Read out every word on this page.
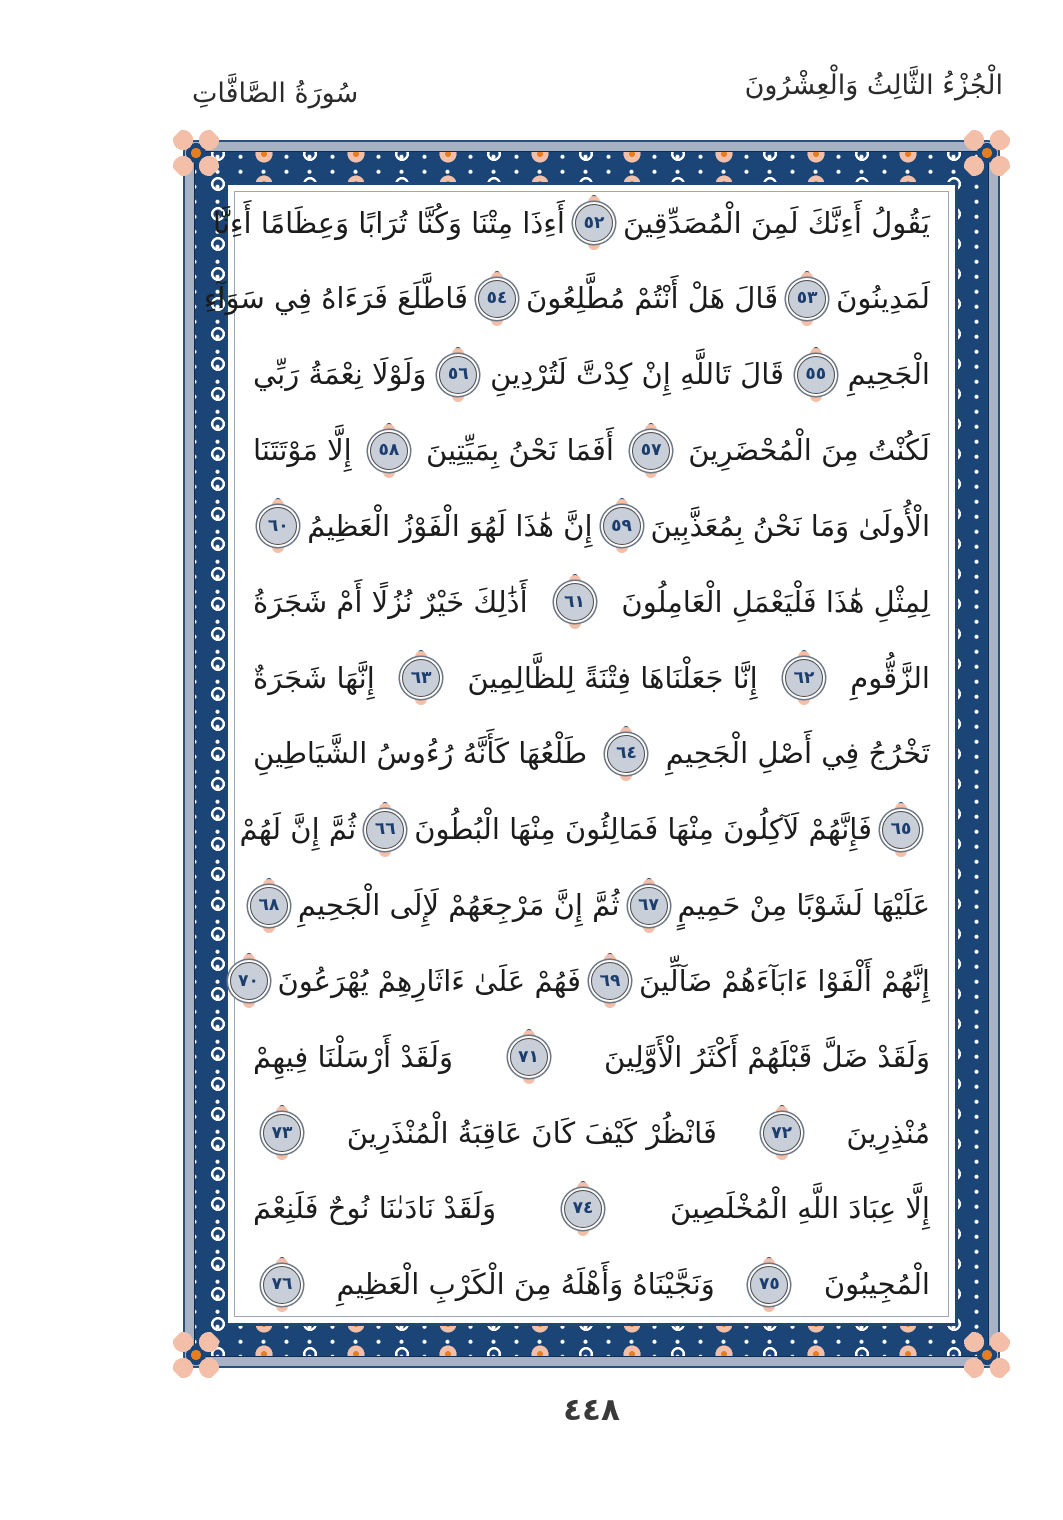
الْجُزْءُ الثَّالِثُ وَالْعِشْرُونَ
سُورَةُ الصَّافَّاتِ
يَقُولُ أَءِنَّكَ لَمِنَ الْمُصَدِّقِينَ
٥٢
أَءِذَا مِتْنَا وَكُنَّا تُرَابًا وَعِظَامًا أَءِنَّا
لَمَدِينُونَ
٥٣
قَالَ هَلْ أَنْتُمْ مُطَّلِعُونَ
٥٤
فَاطَّلَعَ فَرَءَاهُ فِي سَوَآءِ
الْجَحِيمِ
٥٥
قَالَ تَاللَّهِ إِنْ كِدْتَّ لَتُرْدِينِ
٥٦
وَلَوْلَا نِعْمَةُ رَبِّي
لَكُنْتُ مِنَ الْمُحْضَرِينَ
٥٧
أَفَمَا نَحْنُ بِمَيِّتِينَ
٥٨
إِلَّا مَوْتَتَنَا
الْأُولَىٰ وَمَا نَحْنُ بِمُعَذَّبِينَ
٥٩
إِنَّ هَٰذَا لَهُوَ الْفَوْزُ الْعَظِيمُ
٦٠
لِمِثْلِ هَٰذَا فَلْيَعْمَلِ الْعَامِلُونَ
٦١
أَذَٰلِكَ خَيْرٌ نُزُلًا أَمْ شَجَرَةُ
الزَّقُّومِ
٦٢
إِنَّا جَعَلْنَاهَا فِتْنَةً لِلظَّالِمِينَ
٦٣
إِنَّهَا شَجَرَةٌ
تَخْرُجُ فِي أَصْلِ الْجَحِيمِ
٦٤
طَلْعُهَا كَأَنَّهُ رُءُوسُ الشَّيَاطِينِ
٦٥
فَإِنَّهُمْ لَآكِلُونَ مِنْهَا فَمَالِئُونَ مِنْهَا الْبُطُونَ
٦٦
ثُمَّ إِنَّ لَهُمْ
عَلَيْهَا لَشَوْبًا مِنْ حَمِيمٍ
٦٧
ثُمَّ إِنَّ مَرْجِعَهُمْ لَإِلَى الْجَحِيمِ
٦٨
إِنَّهُمْ أَلْفَوْا ءَابَآءَهُمْ ضَآلِّينَ
٦٩
فَهُمْ عَلَىٰ ءَاثَارِهِمْ يُهْرَعُونَ
٧٠
وَلَقَدْ ضَلَّ قَبْلَهُمْ أَكْثَرُ الْأَوَّلِينَ
٧١
وَلَقَدْ أَرْسَلْنَا فِيهِمْ
مُنْذِرِينَ
٧٢
فَانْظُرْ كَيْفَ كَانَ عَاقِبَةُ الْمُنْذَرِينَ
٧٣
إِلَّا عِبَادَ اللَّهِ الْمُخْلَصِينَ
٧٤
وَلَقَدْ نَادَىٰنَا نُوحٌ فَلَنِعْمَ
الْمُجِيبُونَ
٧٥
وَنَجَّيْنَاهُ وَأَهْلَهُ مِنَ الْكَرْبِ الْعَظِيمِ
٧٦
٤٤٨
